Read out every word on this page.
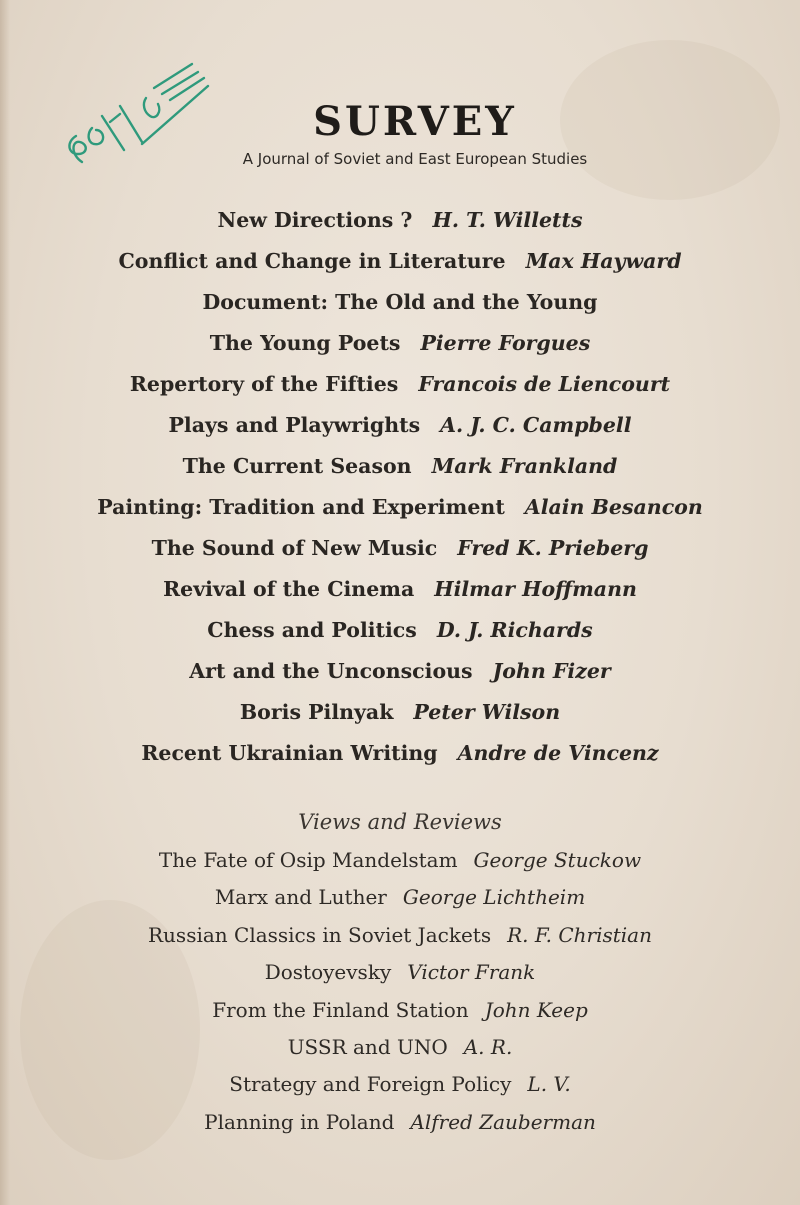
SURVEY
A Journal of Soviet and East European Studies
New Directions ? H. T. Willetts
Conflict and Change in Literature Max Hayward
Document: The Old and the Young
The Young Poets Pierre Forgues
Repertory of the Fifties Francois de Liencourt
Plays and Playwrights A. J. C. Campbell
The Current Season Mark Frankland
Painting: Tradition and Experiment Alain Besancon
The Sound of New Music Fred K. Prieberg
Revival of the Cinema Hilmar Hoffmann
Chess and Politics D. J. Richards
Art and the Unconscious John Fizer
Boris Pilnyak Peter Wilson
Recent Ukrainian Writing Andre de Vincenz
Views and Reviews
The Fate of Osip Mandelstam George Stuckow
Marx and Luther George Lichtheim
Russian Classics in Soviet Jackets R. F. Christian
Dostoyevsky Victor Frank
From the Finland Station John Keep
USSR and UNO A. R.
Strategy and Foreign Policy L. V.
Planning in Poland Alfred Zauberman
